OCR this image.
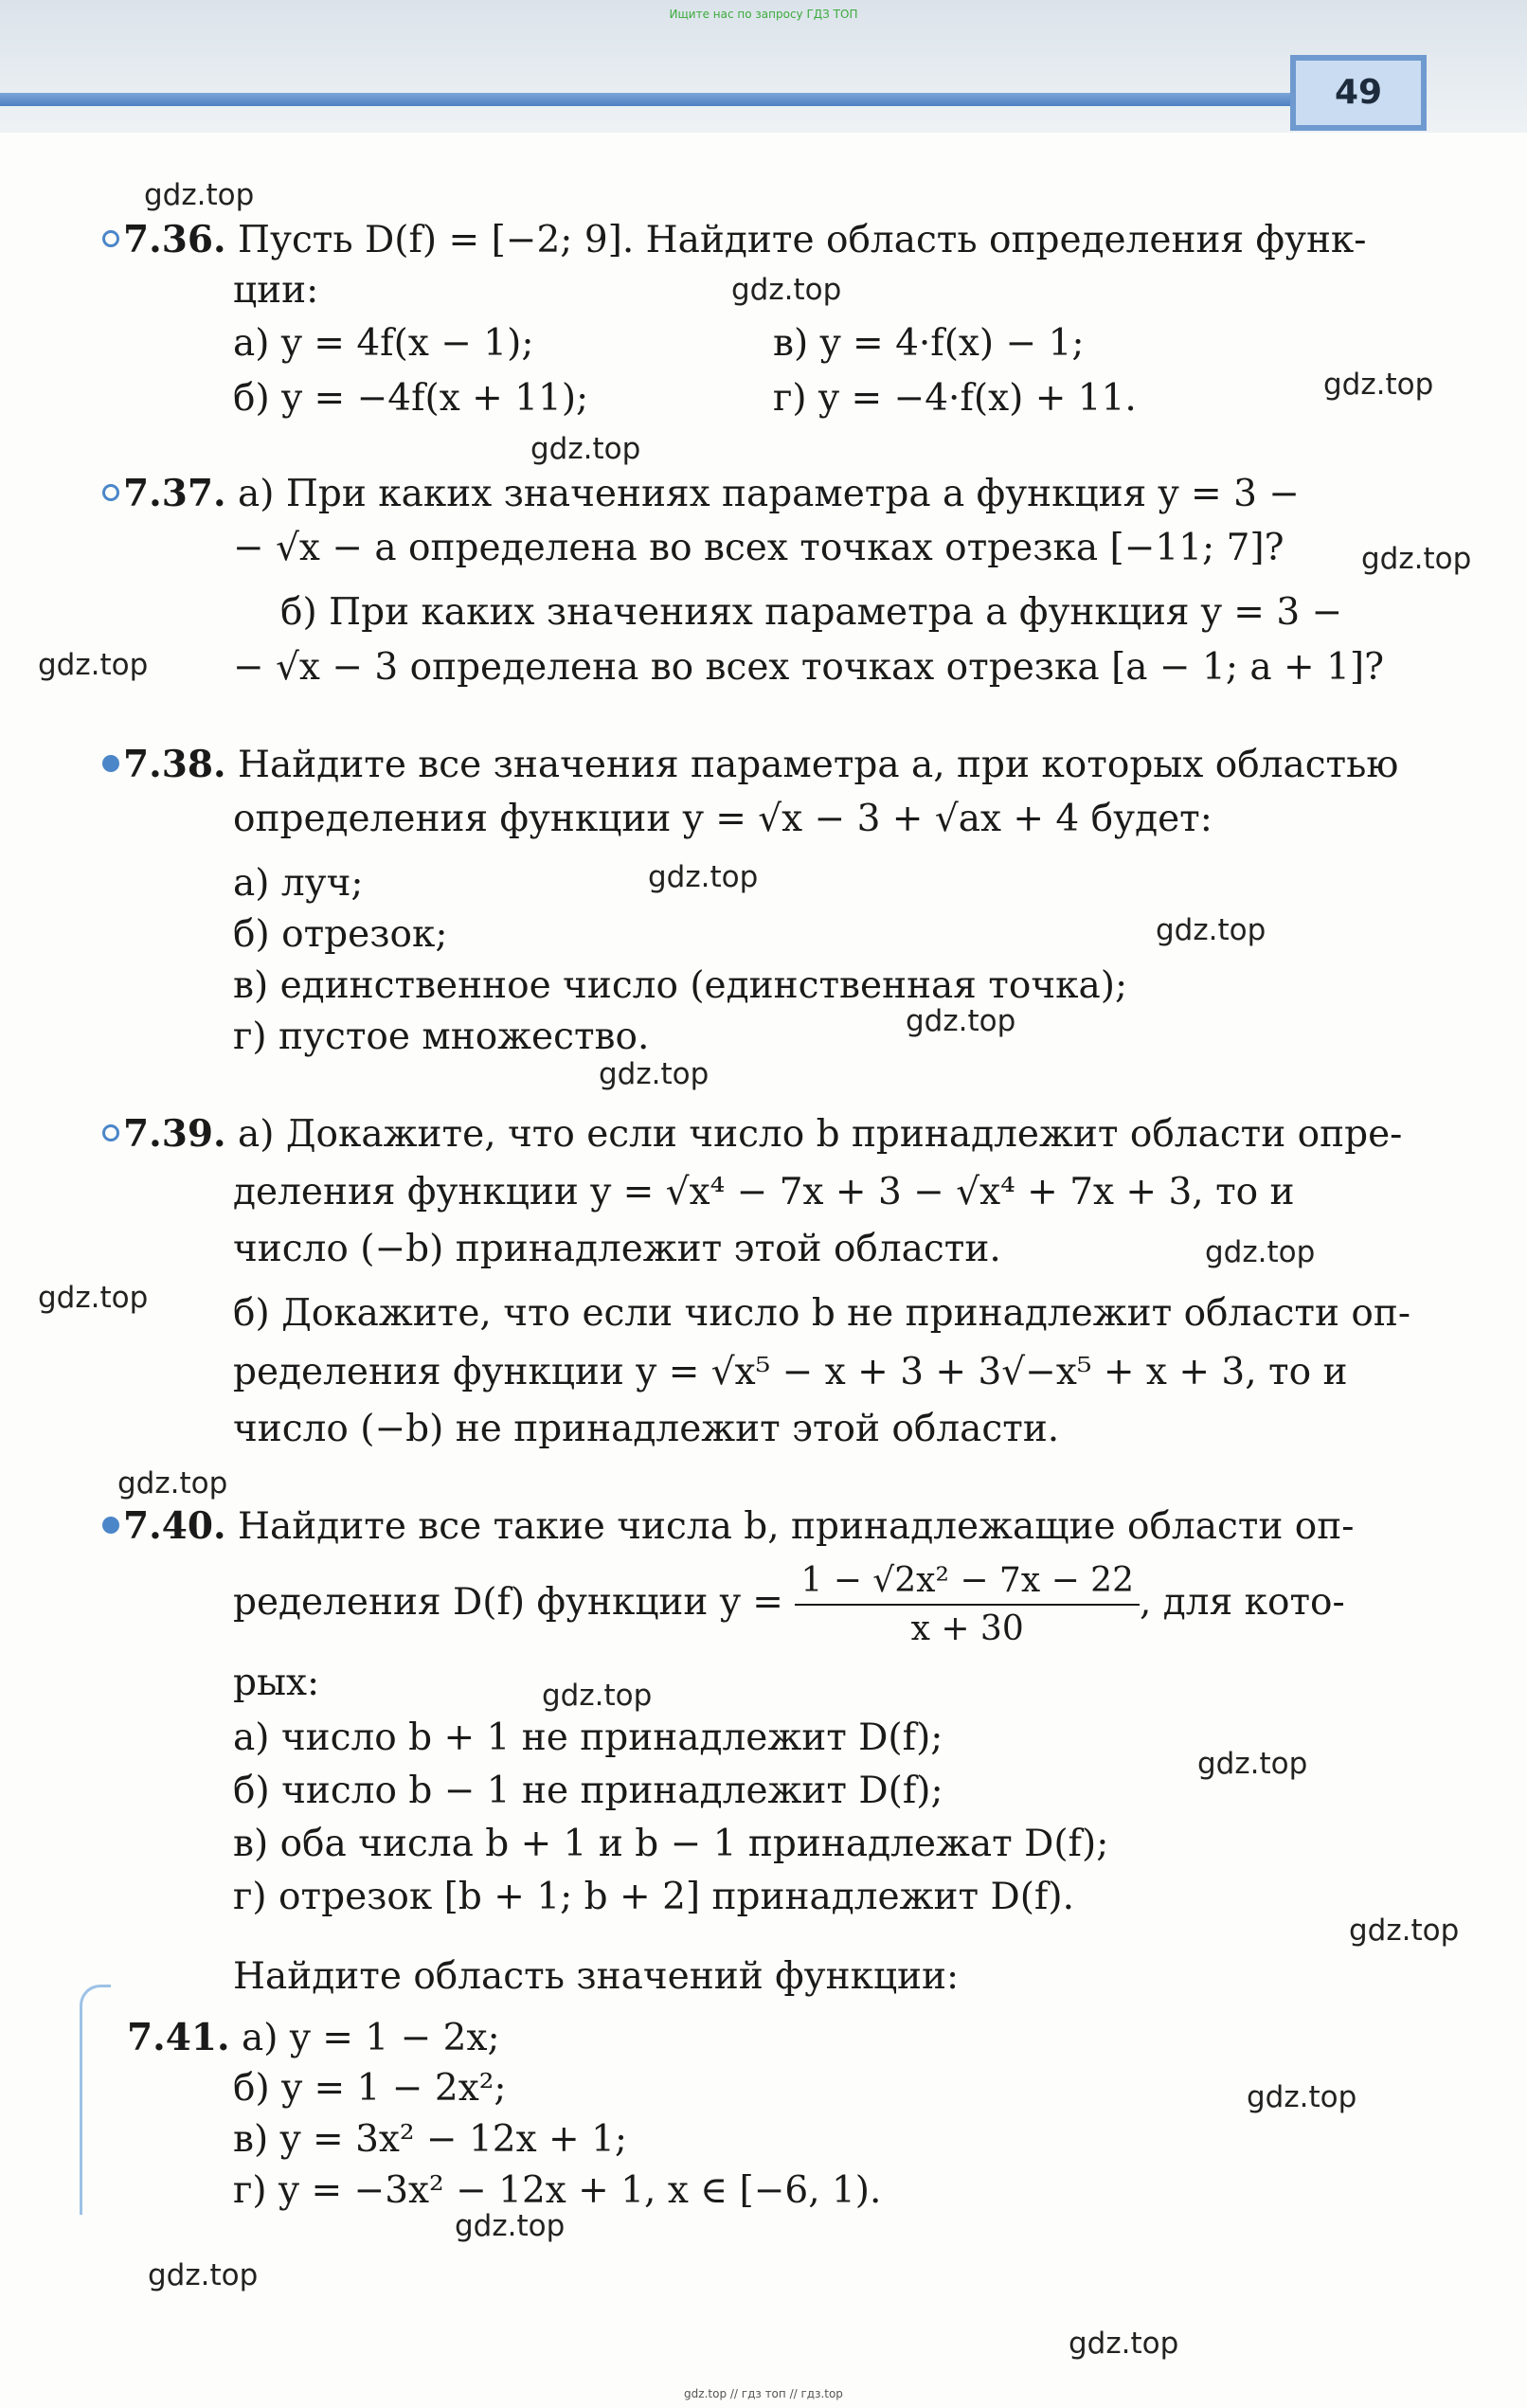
49
Ищите нас по запросу ГДЗ ТОП
gdz.top
gdz.top
gdz.top
gdz.top
gdz.top
gdz.top
gdz.top
gdz.top
gdz.top
gdz.top
gdz.top
gdz.top
gdz.top
gdz.top
gdz.top
gdz.top
gdz.top
gdz.top
gdz.top
gdz.top
7.36. Пусть D(f) = [−2; 9]. Найдите область определения функ-
ции:
а) y = 4f(x − 1);	в) y = 4·f(x) − 1;
б) y = −4f(x + 11);	г) y = −4·f(x) + 11.
7.37. а) При каких значениях параметра a функция y = 3 −
− √x − a определена во всех точках отрезка [−11; 7]?
б) При каких значениях параметра a функция y = 3 −
− √x − 3 определена во всех точках отрезка [a − 1; a + 1]?
7.38. Найдите все значения параметра a, при которых областью
определения функции y = √x − 3 + √ax + 4 будет:
а) луч;
б) отрезок;
в) единственное число (единственная точка);
г) пустое множество.
7.39. а) Докажите, что если число b принадлежит области опре-
деления функции y = √x⁴ − 7x + 3 − √x⁴ + 7x + 3, то и
число (−b) принадлежит этой области.
б) Докажите, что если число b не принадлежит области оп-
ределения функции y = √x⁵ − x + 3 + 3√−x⁵ + x + 3, то и
число (−b) не принадлежит этой области.
7.40. Найдите все такие числа b, принадлежащие области оп-
ределения D(f) функции $y = \frac{\text{1 − √2x² − 7x − 22}}{x + 30}$ , для кото-
рых:
а) число b + 1 не принадлежит D(f);
б) число b − 1 не принадлежит D(f);
в) оба числа b + 1 и b − 1 принадлежат D(f);
г) отрезок [b + 1; b + 2] принадлежит D(f).
Найдите область значений функции:
7.41. а) y = 1 − 2x;
б) y = 1 − 2x²;
в) y = 3x² − 12x + 1;
г) y = −3x² − 12x + 1, x ∈ [−6, 1).
gdz.top // гдз топ // гдз.top
